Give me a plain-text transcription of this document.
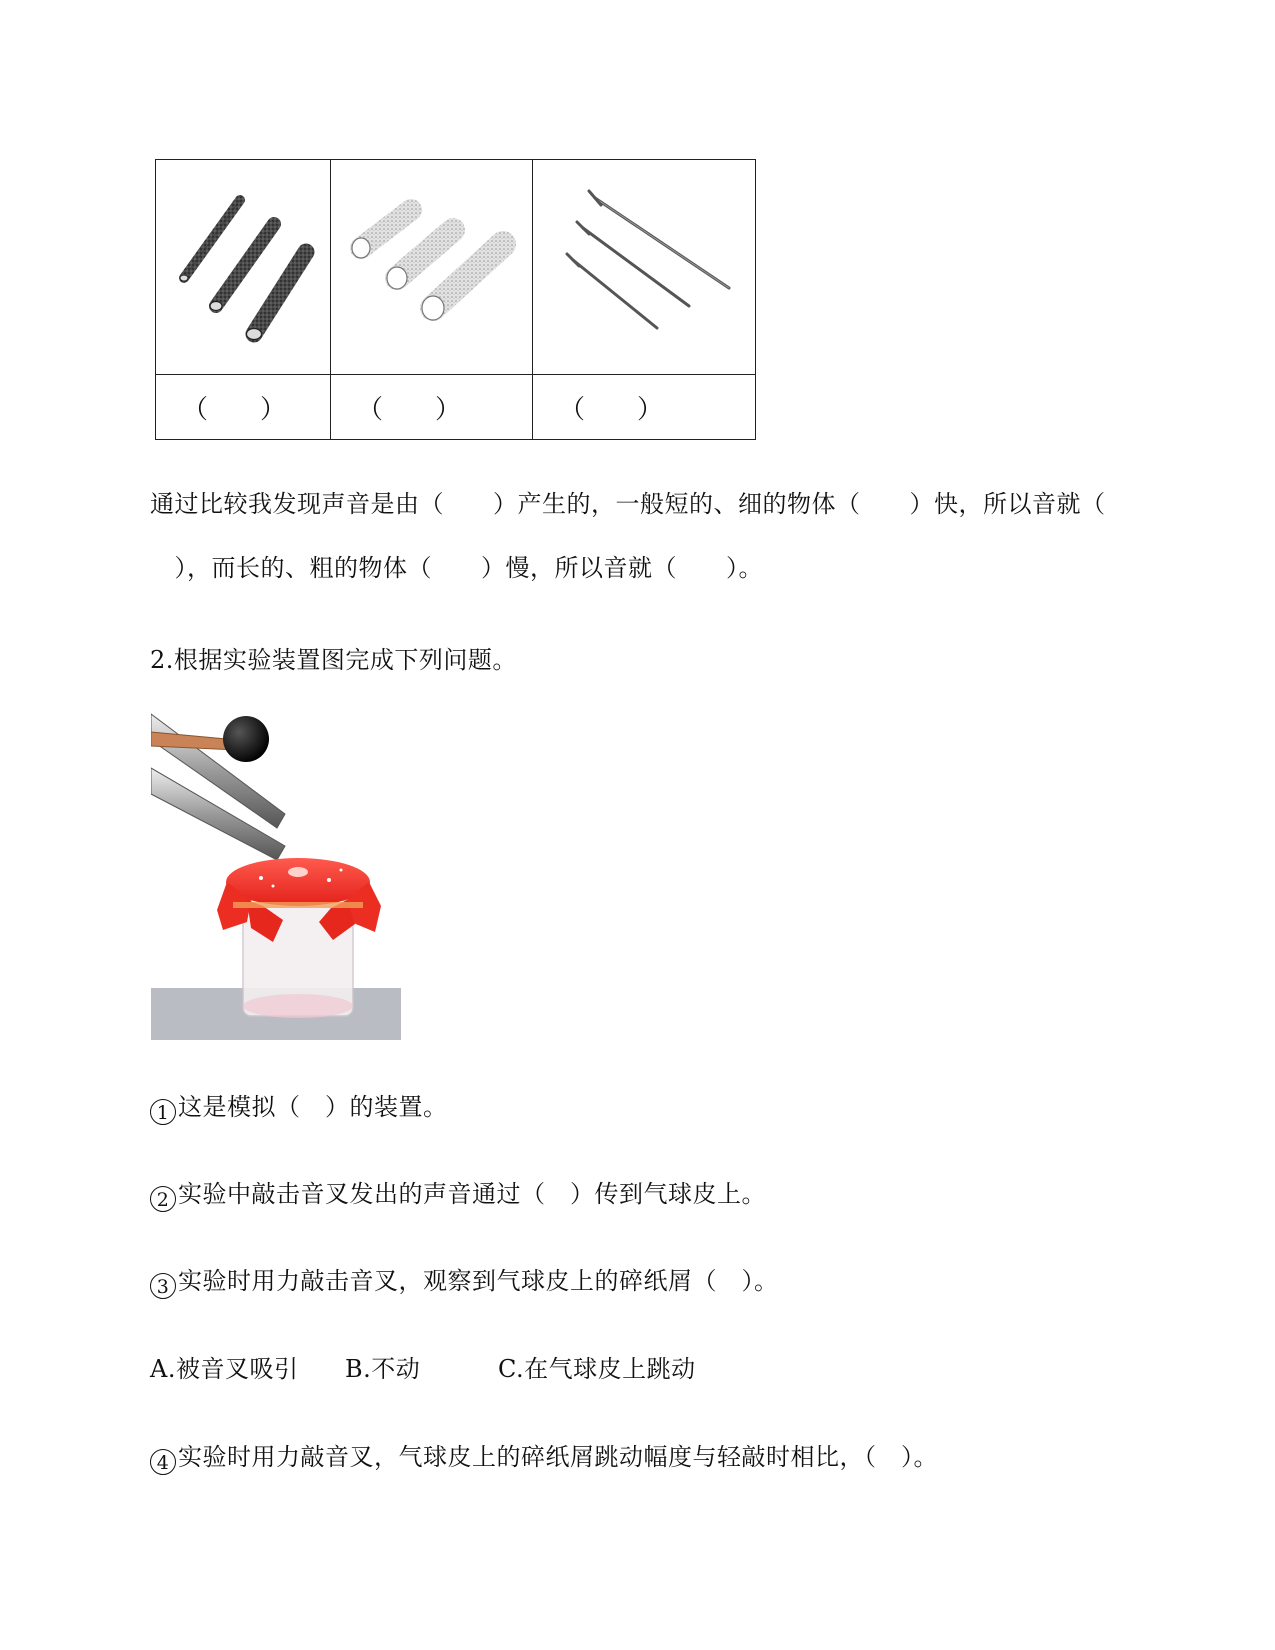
（　　）	（　　）	（　　）
通过比较我发现声音是由（　　）产生的，一般短的、细的物体（　　）快，所以音就（
　），而长的、粗的物体（　　）慢，所以音就（　　）。
2.根据实验装置图完成下列问题。
1 这是模拟（　）的装置。
2 实验中敲击音叉发出的声音通过（　）传到气球皮上。
3 实验时用力敲击音叉，观察到气球皮上的碎纸屑（　）。
A.被音叉吸引 B.不动	C.在气球皮上跳动
4 实验时用力敲音叉，气球皮上的碎纸屑跳动幅度与轻敲时相比，（　）。
